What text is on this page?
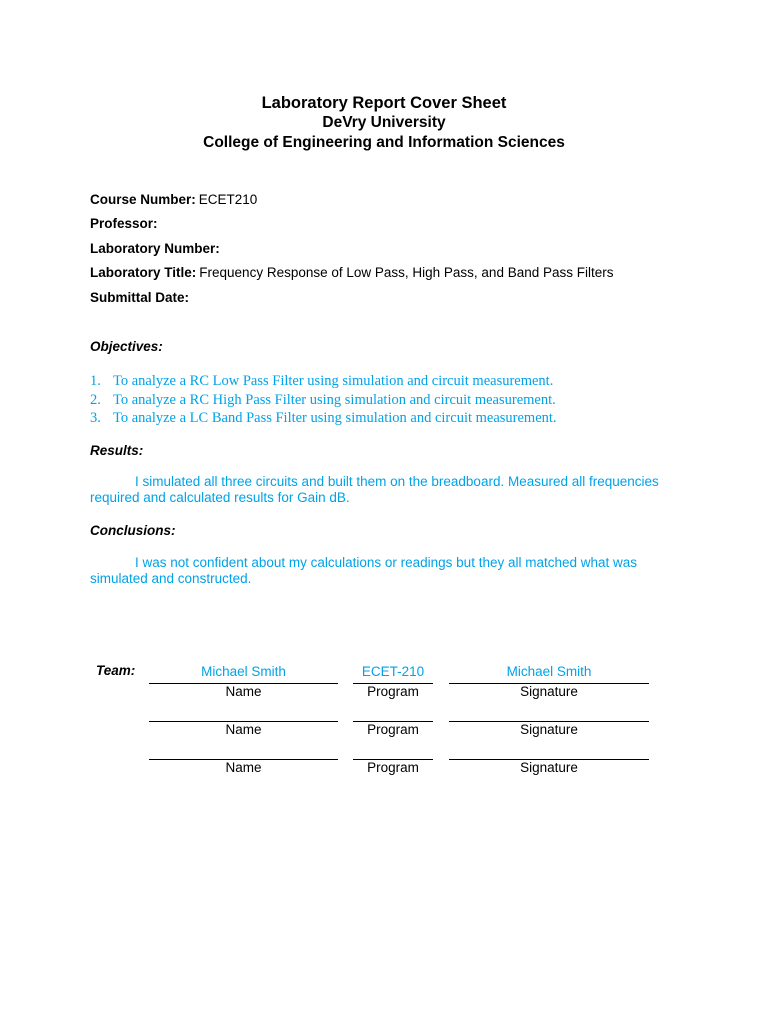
Laboratory Report Cover Sheet
DeVry University
College of Engineering and Information Sciences
Course Number: ECET210
Professor:
Laboratory Number:
Laboratory Title: Frequency Response of Low Pass, High Pass, and Band Pass Filters
Submittal Date:
Objectives:
1. To analyze a RC Low Pass Filter using simulation and circuit measurement.
2. To analyze a RC High Pass Filter using simulation and circuit measurement.
3. To analyze a LC Band Pass Filter using simulation and circuit measurement.
Results:
I simulated all three circuits and built them on the breadboard. Measured all frequencies required and calculated results for Gain dB.
Conclusions:
I was not confident about my calculations or readings but they all matched what was simulated and constructed.
Team:	Michael Smith	ECET-210	Michael Smith
Name	Program	Signature
Name	Program	Signature
Name	Program	Signature
